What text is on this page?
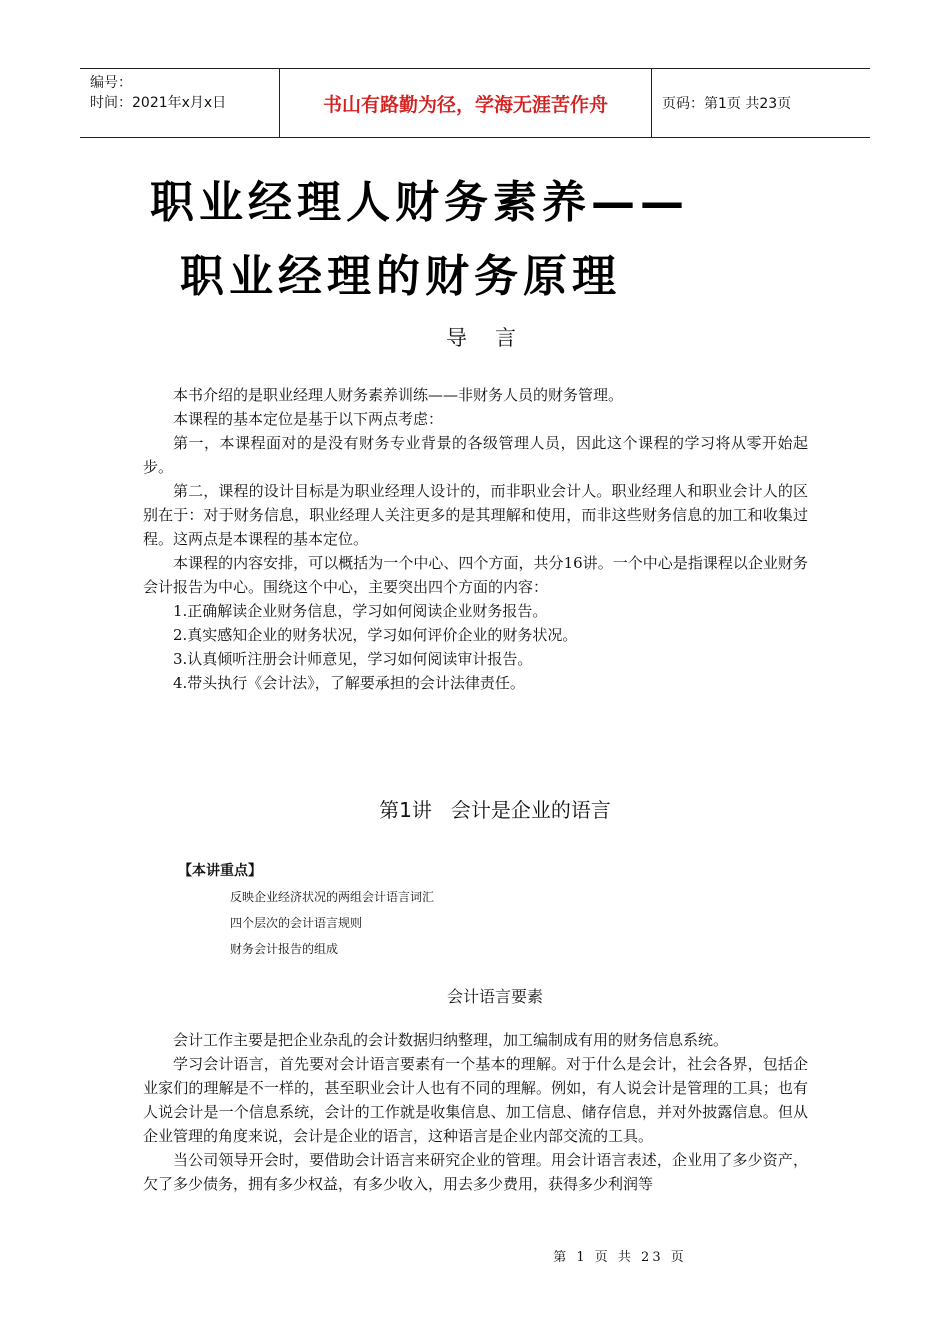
编号：
时间：2021年x月x日	书山有路勤为径，学海无涯苦作舟	页码：第1页 共23页
职业经理人财务素养——
职业经理的财务原理
导言

本书介绍的是职业经理人财务素养训练——非财务人员的财务管理。

本课程的基本定位是基于以下两点考虑：

第一，本课程面对的是没有财务专业背景的各级管理人员，因此这个课程的学习将从零开始起步。

第二，课程的设计目标是为职业经理人设计的，而非职业会计人。职业经理人和职业会计人的区别在于：对于财务信息，职业经理人关注更多的是其理解和使用，而非这些财务信息的加工和收集过程。这两点是本课程的基本定位。

本课程的内容安排，可以概括为一个中心、四个方面，共分16讲。一个中心是指课程以企业财务会计报告为中心。围绕这个中心，主要突出四个方面的内容：

1.正确解读企业财务信息，学习如何阅读企业财务报告。

2.真实感知企业的财务状况，学习如何评价企业的财务状况。

3.认真倾听注册会计师意见，学习如何阅读审计报告。

4.带头执行《会计法》，了解要承担的会计法律责任。

第1讲   会计是企业的语言
【本讲重点】
反映企业经济状况的两组会计语言词汇
四个层次的会计语言规则
财务会计报告的组成
会计语言要素

会计工作主要是把企业杂乱的会计数据归纳整理，加工编制成有用的财务信息系统。

学习会计语言，首先要对会计语言要素有一个基本的理解。对于什么是会计，社会各界，包括企业家们的理解是不一样的，甚至职业会计人也有不同的理解。例如，有人说会计是管理的工具；也有人说会计是一个信息系统，会计的工作就是收集信息、加工信息、储存信息，并对外披露信息。但从企业管理的角度来说，会计是企业的语言，这种语言是企业内部交流的工具。

当公司领导开会时，要借助会计语言来研究企业的管理。用会计语言表述，企业用了多少资产，欠了多少债务，拥有多少权益，有多少收入，用去多少费用，获得多少利润等

第 1 页 共 23 页
